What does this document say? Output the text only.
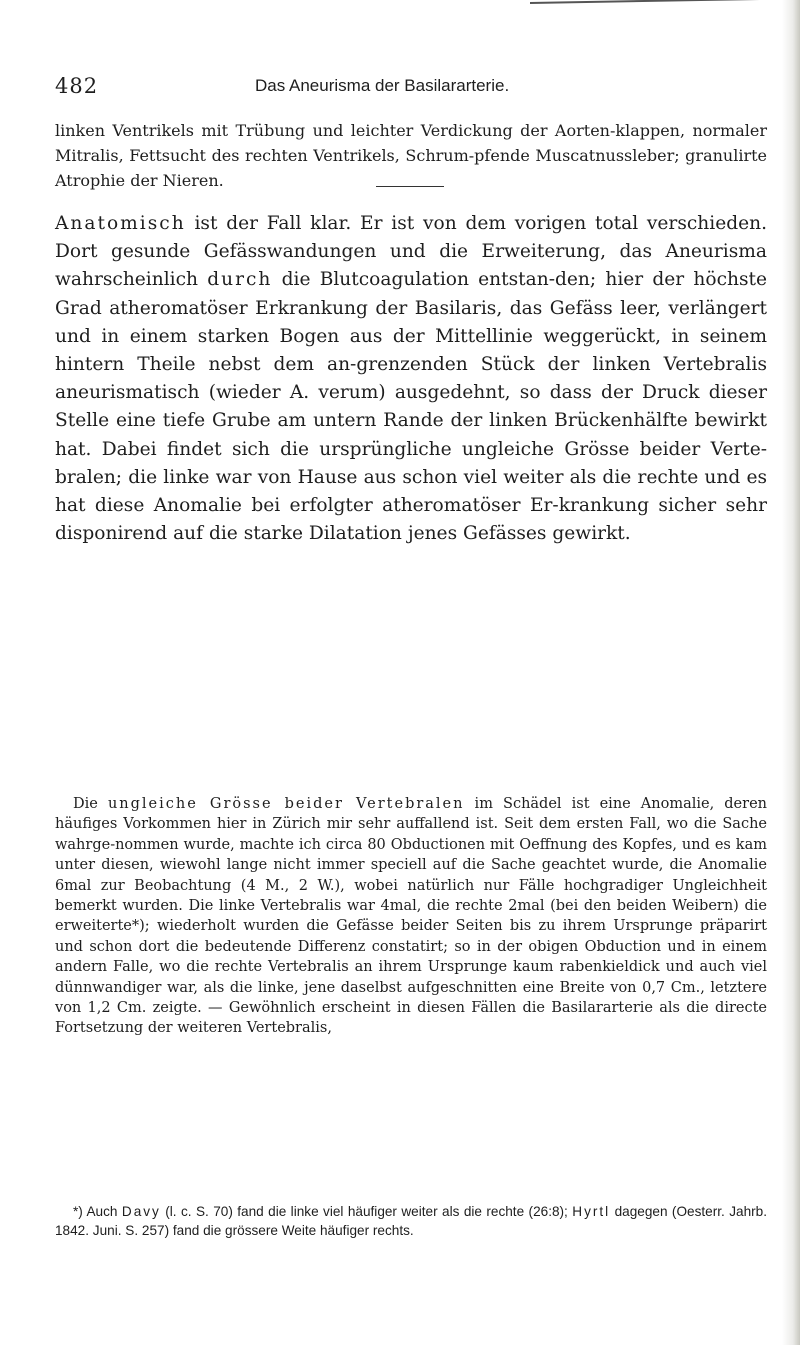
482	Das Aneurisma der Basilararterie.

linken Ventrikels mit Trübung und leichter Verdickung der Aorten-klappen, normaler Mitralis, Fettsucht des rechten Ventrikels, Schrum-pfende Muscatnussleber; granulirte Atrophie der Nieren.

Anatomisch ist der Fall klar. Er ist von dem vorigen total verschieden. Dort gesunde Gefässwandungen und die Erweiterung, das Aneurisma wahrscheinlich durch die Blutcoagulation entstan-den; hier der höchste Grad atheromatöser Erkrankung der Basilaris, das Gefäss leer, verlängert und in einem starken Bogen aus der Mittellinie weggerückt, in seinem hintern Theile nebst dem an-grenzenden Stück der linken Vertebralis aneurismatisch (wieder A. verum) ausgedehnt, so dass der Druck dieser Stelle eine tiefe Grube am untern Rande der linken Brückenhälfte bewirkt hat. Dabei findet sich die ursprüngliche ungleiche Grösse beider Verte-bralen; die linke war von Hause aus schon viel weiter als die rechte und es hat diese Anomalie bei erfolgter atheromatöser Er-krankung sicher sehr disponirend auf die starke Dilatation jenes Gefässes gewirkt.

Die ungleiche Grösse beider Vertebralen im Schädel ist eine Anomalie, deren häufiges Vorkommen hier in Zürich mir sehr auffallend ist. Seit dem ersten Fall, wo die Sache wahrge-nommen wurde, machte ich circa 80 Obductionen mit Oeffnung des Kopfes, und es kam unter diesen, wiewohl lange nicht immer speciell auf die Sache geachtet wurde, die Anomalie 6mal zur Beobachtung (4 M., 2 W.), wobei natürlich nur Fälle hochgradiger Ungleichheit bemerkt wurden. Die linke Vertebralis war 4mal, die rechte 2mal (bei den beiden Weibern) die erweiterte*); wiederholt wurden die Gefässe beider Seiten bis zu ihrem Ursprunge präparirt und schon dort die bedeutende Differenz constatirt; so in der obigen Obduction und in einem andern Falle, wo die rechte Vertebralis an ihrem Ursprunge kaum rabenkieldick und auch viel dünnwandiger war, als die linke, jene daselbst aufgeschnitten eine Breite von 0,7 Cm., letztere von 1,2 Cm. zeigte. — Gewöhnlich erscheint in diesen Fällen die Basilararterie als die directe Fortsetzung der weiteren Vertebralis,

*) Auch Davy (l. c. S. 70) fand die linke viel häufiger weiter als die rechte (26:8); Hyrtl dagegen (Oesterr. Jahrb. 1842. Juni. S. 257) fand die grössere Weite häufiger rechts.
